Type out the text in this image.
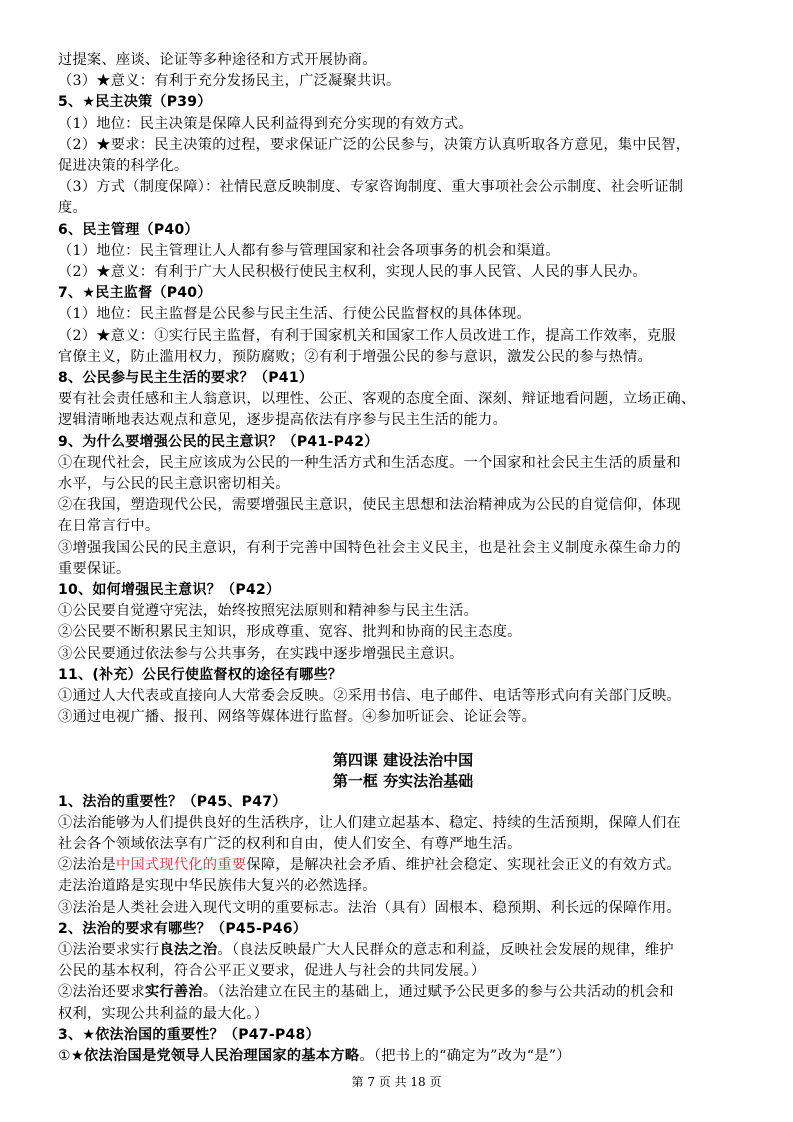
过提案、座谈、论证等多种途径和方式开展协商。
（3）★意义：有利于充分发扬民主，广泛凝聚共识。
5、★民主决策（P39）
（1）地位：民主决策是保障人民利益得到充分实现的有效方式。
（2）★要求：民主决策的过程，要求保证广泛的公民参与，决策方认真听取各方意见，集中民智，
促进决策的科学化。
（3）方式（制度保障）：社情民意反映制度、专家咨询制度、重大事项社会公示制度、社会听证制
度。
6、民主管理（P40）
（1）地位：民主管理让人人都有参与管理国家和社会各项事务的机会和渠道。
（2）★意义：有利于广大人民积极行使民主权利，实现人民的事人民管、人民的事人民办。
7、★民主监督（P40）
（1）地位：民主监督是公民参与民主生活、行使公民监督权的具体体现。
（2）★意义：①实行民主监督，有利于国家机关和国家工作人员改进工作，提高工作效率，克服
官僚主义，防止滥用权力，预防腐败；②有利于增强公民的参与意识，激发公民的参与热情。
8、公民参与民主生活的要求？（P41）
要有社会责任感和主人翁意识，以理性、公正、客观的态度全面、深刻、辩证地看问题，立场正确、
逻辑清晰地表达观点和意见，逐步提高依法有序参与民主生活的能力。
9、为什么要增强公民的民主意识？（P41-P42）
①在现代社会，民主应该成为公民的一种生活方式和生活态度。一个国家和社会民主生活的质量和
水平，与公民的民主意识密切相关。
②在我国，塑造现代公民，需要增强民主意识，使民主思想和法治精神成为公民的自觉信仰，体现
在日常言行中。
③增强我国公民的民主意识，有利于完善中国特色社会主义民主，也是社会主义制度永葆生命力的
重要保证。
10、如何增强民主意识？（P42）
①公民要自觉遵守宪法，始终按照宪法原则和精神参与民主生活。
②公民要不断积累民主知识，形成尊重、宽容、批判和协商的民主态度。
③公民要通过依法参与公共事务，在实践中逐步增强民主意识。
11、(补充）公民行使监督权的途径有哪些？
①通过人大代表或直接向人大常委会反映。②采用书信、电子邮件、电话等形式向有关部门反映。
③通过电视广播、报刊、网络等媒体进行监督。④参加听证会、论证会等。
第四课 建设法治中国
第一框 夯实法治基础
1、法治的重要性？（P45、P47）
①法治能够为人们提供良好的生活秩序，让人们建立起基本、稳定、持续的生活预期，保障人们在
社会各个领域依法享有广泛的权利和自由，使人们安全、有尊严地生活。
②法治是中国式现代化的重要保障，是解决社会矛盾、维护社会稳定、实现社会正义的有效方式。
走法治道路是实现中华民族伟大复兴的必然选择。
③法治是人类社会进入现代文明的重要标志。法治（具有）固根本、稳预期、利长远的保障作用。
2、法治的要求有哪些？（P45-P46）
①法治要求实行良法之治。（良法反映最广大人民群众的意志和利益，反映社会发展的规律，维护
公民的基本权利，符合公平正义要求，促进人与社会的共同发展。）
②法治还要求实行善治。（法治建立在民主的基础上，通过赋予公民更多的参与公共活动的机会和
权利，实现公共利益的最大化。）
3、★依法治国的重要性？（P47-P48）
①★依法治国是党领导人民治理国家的基本方略。（把书上的“确定为”改为“是”）
第 7 页 共 18 页
